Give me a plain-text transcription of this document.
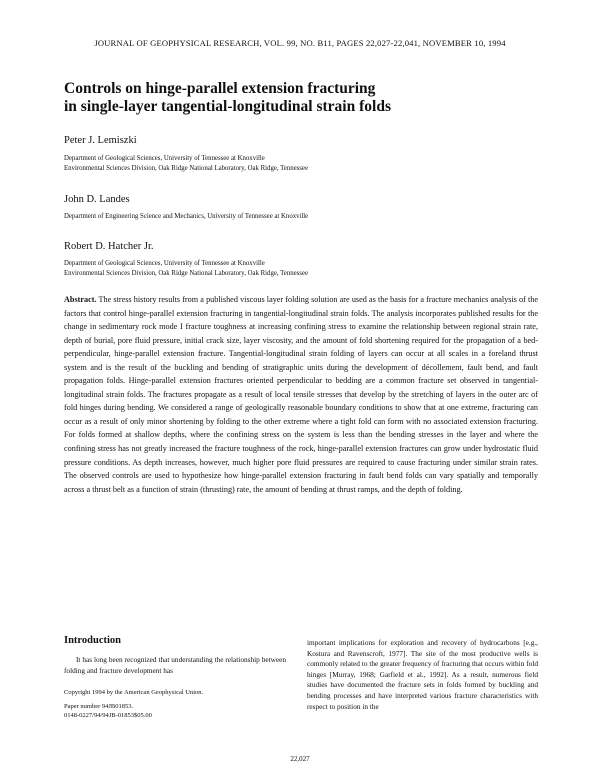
JOURNAL OF GEOPHYSICAL RESEARCH, VOL. 99, NO. B11, PAGES 22,027-22,041, NOVEMBER 10, 1994
Controls on hinge-parallel extension fracturing
in single-layer tangential-longitudinal strain folds
Peter J. Lemiszki
Department of Geological Sciences, University of Tennessee at Knoxville
Environmental Sciences Division, Oak Ridge National Laboratory, Oak Ridge, Tennessee
John D. Landes
Department of Engineering Science and Mechanics, University of Tennessee at Knoxville
Robert D. Hatcher Jr.
Department of Geological Sciences, University of Tennessee at Knoxville
Environmental Sciences Division, Oak Ridge National Laboratory, Oak Ridge, Tennessee
Abstract. The stress history results from a published viscous layer folding solution are used as the basis for a fracture mechanics analysis of the factors that control hinge-parallel extension fracturing in tangential-longitudinal strain folds. The analysis incorporates published results for the change in sedimentary rock mode I fracture toughness at increasing confining stress to examine the relationship between regional strain rate, depth of burial, pore fluid pressure, initial crack size, layer viscosity, and the amount of fold shortening required for the propagation of a bed-perpendicular, hinge-parallel extension fracture. Tangential-longitudinal strain folding of layers can occur at all scales in a foreland thrust system and is the result of the buckling and bending of stratigraphic units during the development of décollement, fault bend, and fault propagation folds. Hinge-parallel extension fractures oriented perpendicular to bedding are a common fracture set observed in tangential-longitudinal strain folds. The fractures propagate as a result of local tensile stresses that develop by the stretching of layers in the outer arc of fold hinges during bending. We considered a range of geologically reasonable boundary conditions to show that at one extreme, fracturing can occur as a result of only minor shortening by folding to the other extreme where a tight fold can form with no associated extension fracturing. For folds formed at shallow depths, where the confining stress on the system is less than the bending stresses in the layer and where the confining stress has not greatly increased the fracture toughness of the rock, hinge-parallel extension fractures can grow under hydrostatic fluid pressure conditions. As depth increases, however, much higher pore fluid pressures are required to cause fracturing under similar strain rates. The observed controls are used to hypothesize how hinge-parallel extension fracturing in fault bend folds can vary spatially and temporally across a thrust belt as a function of strain (thrusting) rate, the amount of bending at thrust ramps, and the depth of folding.
Introduction
It has long been recognized that understanding the relationship between folding and fracture development has
Copyright 1994 by the American Geophysical Union.
Paper number 94JB01853.
0148-0227/94/94JB-01853$05.00
important implications for exploration and recovery of hydrocarbons [e.g., Kostura and Ravenscroft, 1977]. The site of the most productive wells is commonly related to the greater frequency of fracturing that occurs within fold hinges [Murray, 1968; Garfield et al., 1992]. As a result, numerous field studies have documented the fracture sets in folds formed by buckling and bending processes and have interpreted various fracture characteristics with respect to position in the
22,027
